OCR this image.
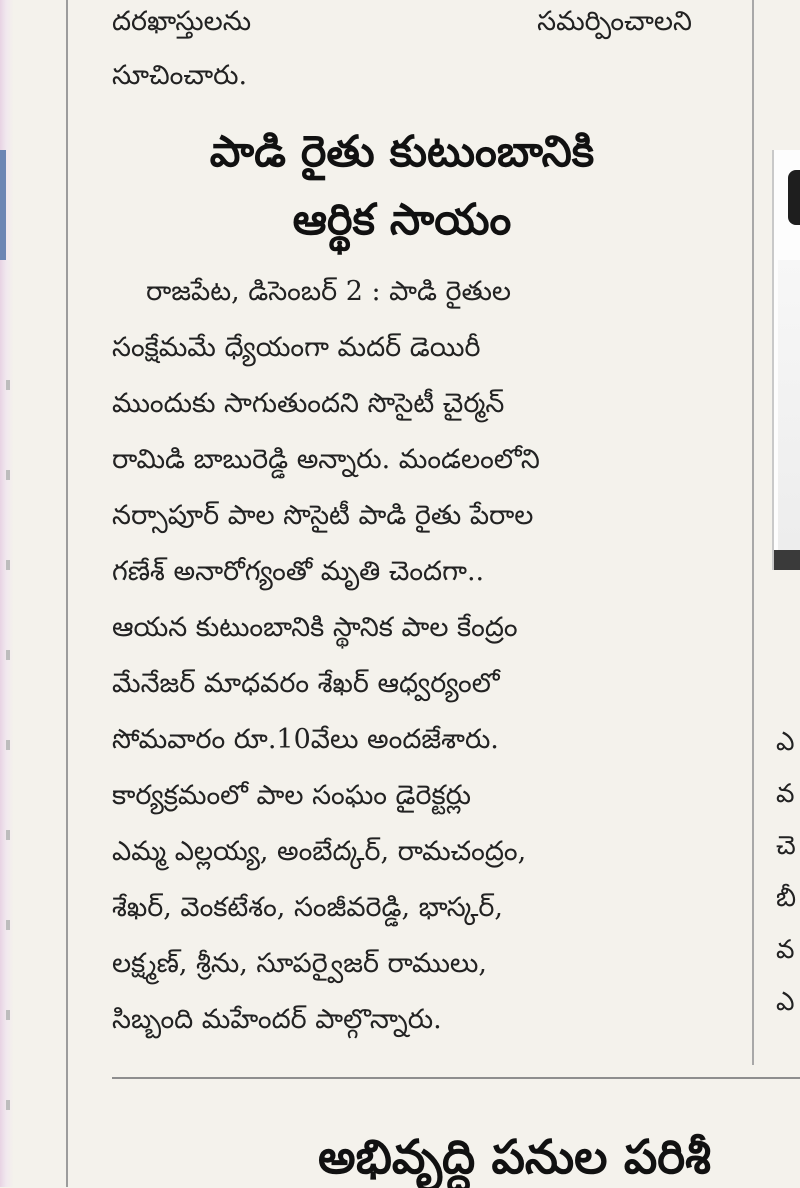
దరఖాస్తులను	సమర్పించాలని
సూచించారు.
పాడి రైతు కుటుంబానికి
ఆర్థిక సాయం
రాజపేట, డిసెంబర్ 2 : పాడి రైతుల
సంక్షేమమే ధ్యేయంగా మదర్ డెయిరీ
ముందుకు సాగుతుందని సొసైటీ చైర్మన్
రామిడి బాబురెడ్డి అన్నారు. మండలంలోని
నర్సాపూర్ పాల సొసైటీ పాడి రైతు పేరాల
గణేశ్ అనారోగ్యంతో మృతి చెందగా..
ఆయన కుటుంబానికి స్థానిక పాల కేంద్రం
మేనేజర్ మాధవరం శేఖర్ ఆధ్వర్యంలో
సోమవారం రూ.10వేలు అందజేశారు.
కార్యక్రమంలో పాల సంఘం డైరెక్టర్లు
ఎమ్మ ఎల్లయ్య, అంబేద్కర్, రామచంద్రం,
శేఖర్, వెంకటేశం, సంజీవరెడ్డి, భాస్కర్,
లక్ష్మణ్, శ్రీను, సూపర్వైజర్ రాములు,
సిబ్బంది మహేందర్ పాల్గొన్నారు.
ఎ
వ
చె
బీ
వ
ఎ
అభివృద్ధి పనుల పరిశీ
